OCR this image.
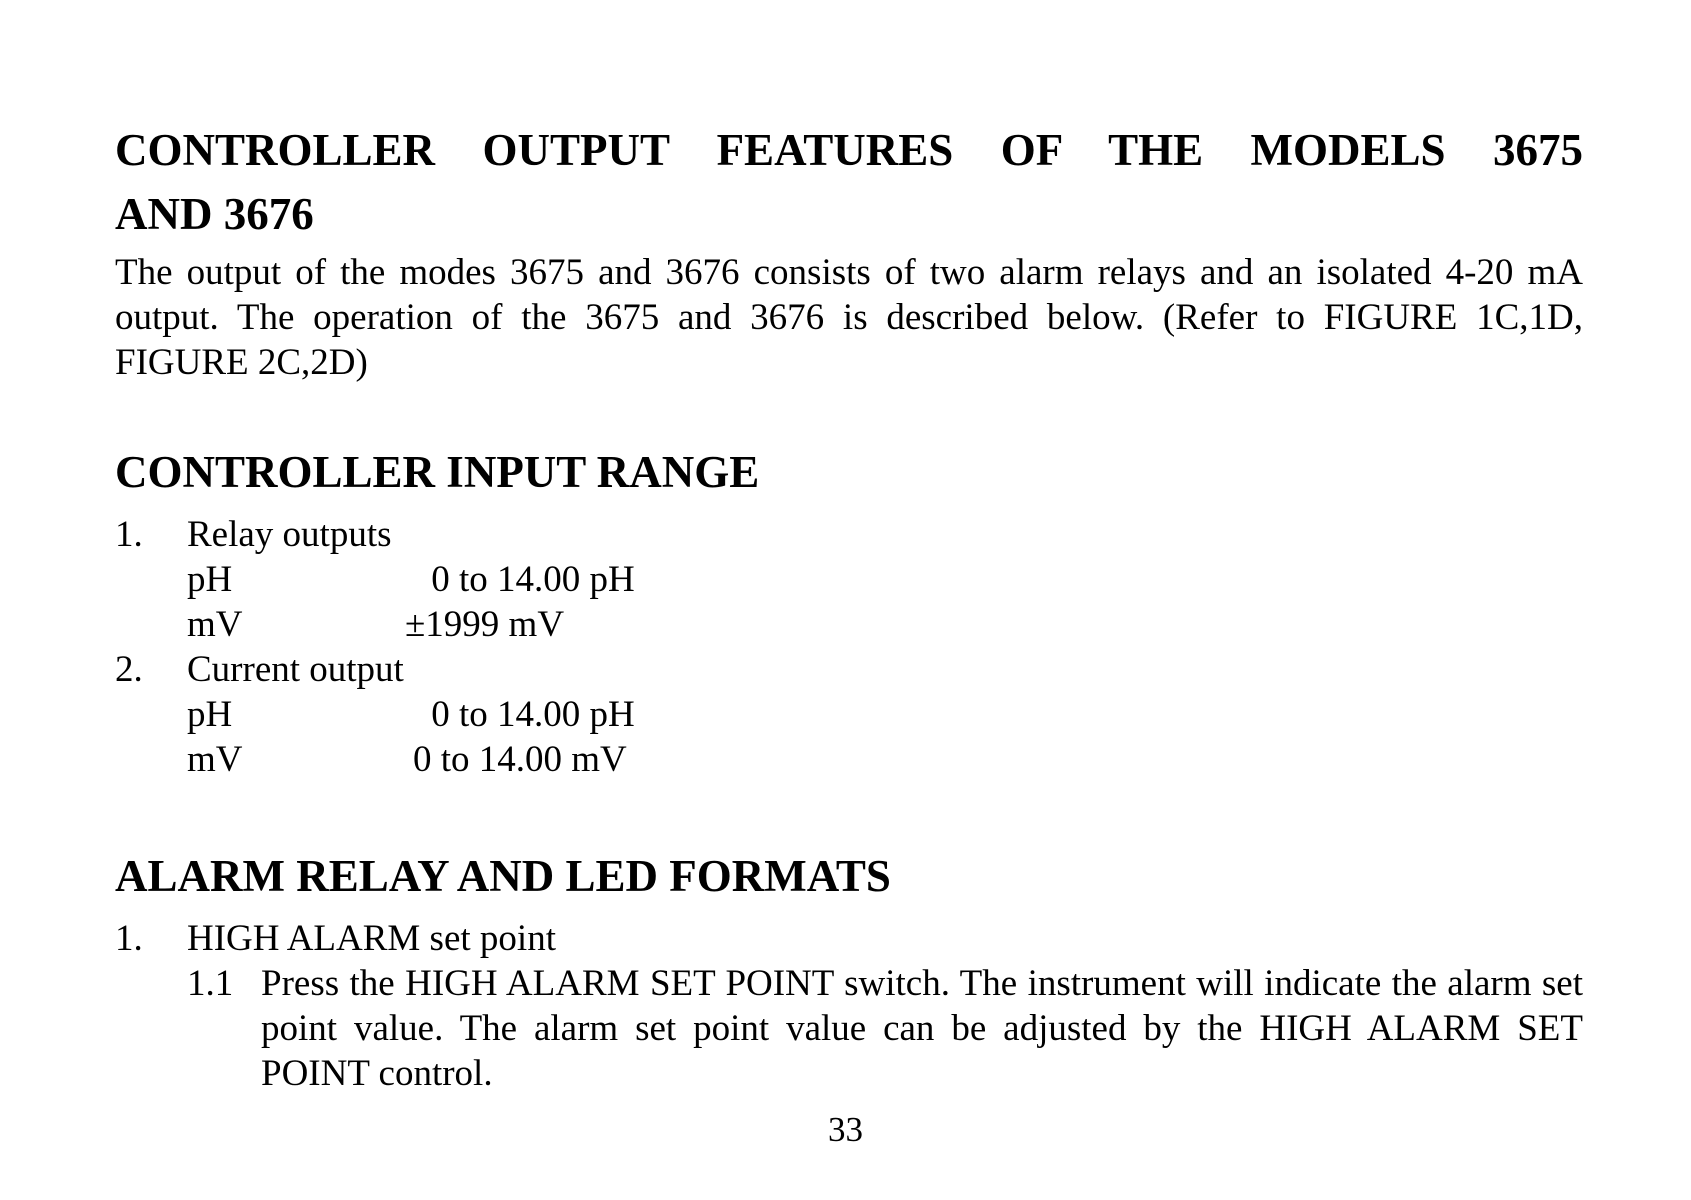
CONTROLLER OUTPUT FEATURES OF THE MODELS 3675
AND 3676

The output of the modes 3675 and 3676 consists of two alarm relays and an isolated 4-20 mA output. The operation of the 3675 and 3676 is described below. (Refer to FIGURE 1C,1D, FIGURE 2C,2D)

CONTROLLER INPUT RANGE
1.	Relay outputs
pH	0 to 14.00 pH
mV	±1999 mV
2.	Current output
pH	0 to 14.00 pH
mV	0 to 14.00 mV
ALARM RELAY AND LED FORMATS
1.	HIGH ALARM set point
1.1 Press the HIGH ALARM SET POINT switch. The instrument will indicate the alarm set point value. The alarm set point value can be adjusted by the HIGH ALARM SET POINT control.
33
